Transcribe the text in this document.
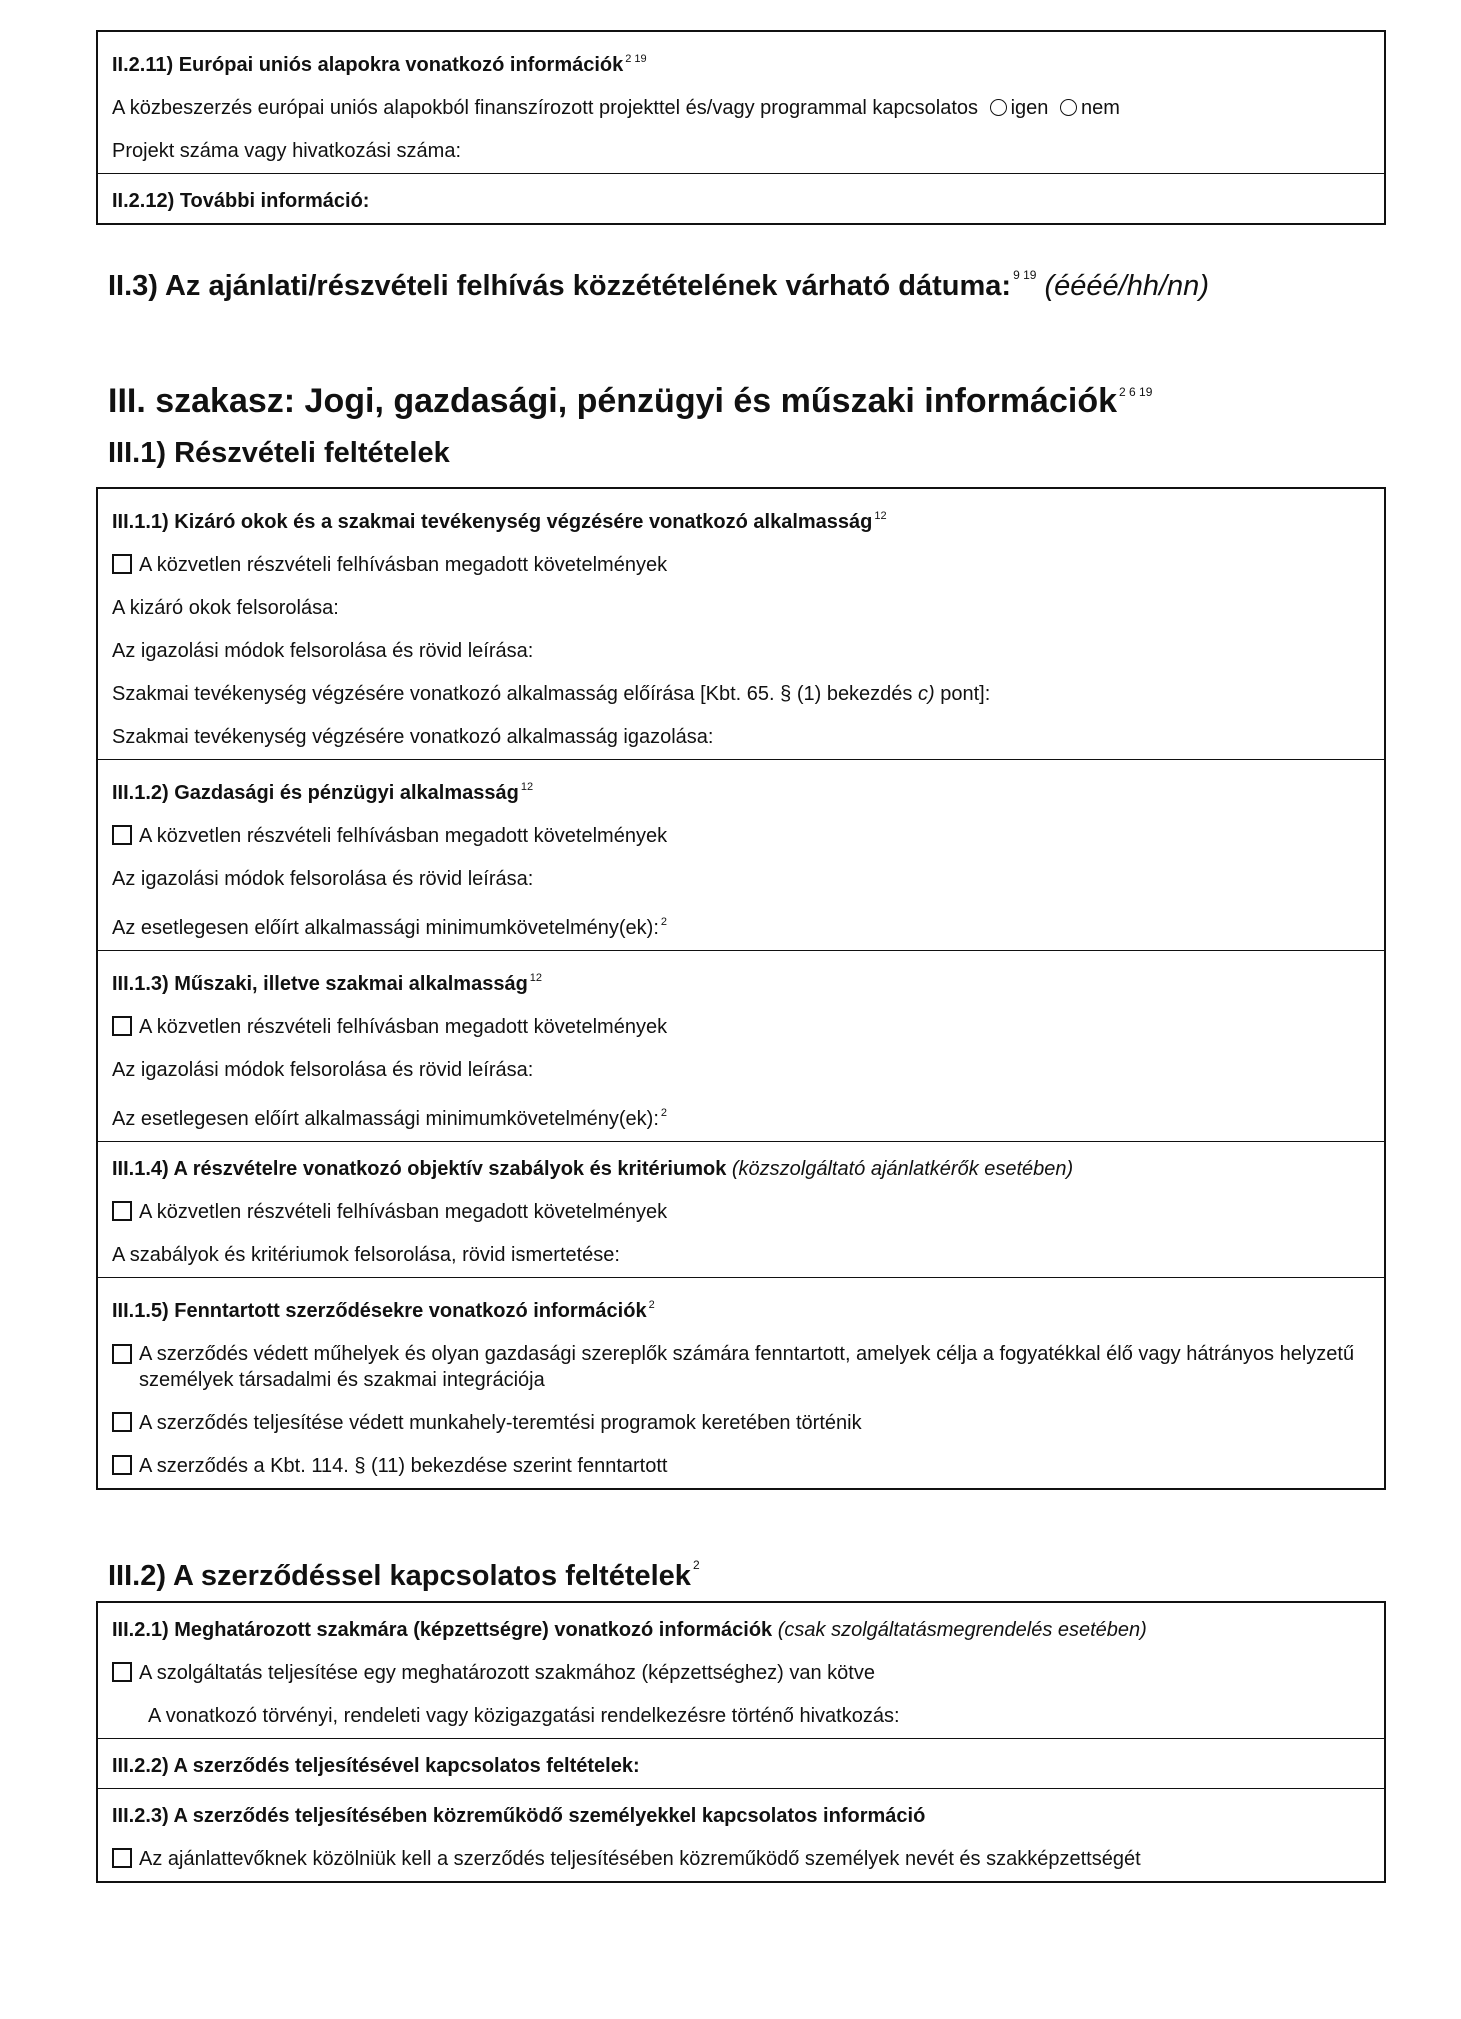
II.2.11) Európai uniós alapokra vonatkozó információk $^{2 19}$
A közbeszerzés európai uniós alapokból finanszírozott projekttel és/vagy programmal kapcsolatos igen nem
Projekt száma vagy hivatkozási száma:
II.2.12) További információ:
II.3) Az ajánlati/részvételi felhívás közzétételének várható dátuma: $^{9 19}$ (éééé/hh/nn)
III. szakasz: Jogi, gazdasági, pénzügyi és műszaki információk $^{2 6 19}$
III.1) Részvételi feltételek
III.1.1) Kizáró okok és a szakmai tevékenység végzésére vonatkozó alkalmasság $^{12}$
A közvetlen részvételi felhívásban megadott követelmények
A kizáró okok felsorolása:
Az igazolási módok felsorolása és rövid leírása:
Szakmai tevékenység végzésére vonatkozó alkalmasság előírása [Kbt. 65. § (1) bekezdés c) pont]:
Szakmai tevékenység végzésére vonatkozó alkalmasság igazolása:
III.1.2) Gazdasági és pénzügyi alkalmasság $^{12}$
A közvetlen részvételi felhívásban megadott követelmények
Az igazolási módok felsorolása és rövid leírása:
Az esetlegesen előírt alkalmassági minimumkövetelmény(ek): $^2$
III.1.3) Műszaki, illetve szakmai alkalmasság $^{12}$
A közvetlen részvételi felhívásban megadott követelmények
Az igazolási módok felsorolása és rövid leírása:
Az esetlegesen előírt alkalmassági minimumkövetelmény(ek): $^2$
III.1.4) A részvételre vonatkozó objektív szabályok és kritériumok (közszolgáltató ajánlatkérők esetében)
A közvetlen részvételi felhívásban megadott követelmények
A szabályok és kritériumok felsorolása, rövid ismertetése:
III.1.5) Fenntartott szerződésekre vonatkozó információk $^2$
A szerződés védett műhelyek és olyan gazdasági szereplők számára fenntartott, amelyek célja a fogyatékkal élő vagy hátrányos helyzetű személyek társadalmi és szakmai integrációja
A szerződés teljesítése védett munkahely-teremtési programok keretében történik
A szerződés a Kbt. 114. § (11) bekezdése szerint fenntartott
III.2) A szerződéssel kapcsolatos feltételek $^2$
III.2.1) Meghatározott szakmára (képzettségre) vonatkozó információk (csak szolgáltatásmegrendelés esetében)
A szolgáltatás teljesítése egy meghatározott szakmához (képzettséghez) van kötve
A vonatkozó törvényi, rendeleti vagy közigazgatási rendelkezésre történő hivatkozás:
III.2.2) A szerződés teljesítésével kapcsolatos feltételek:
III.2.3) A szerződés teljesítésében közreműködő személyekkel kapcsolatos információ
Az ajánlattevőknek közölniük kell a szerződés teljesítésében közreműködő személyek nevét és szakképzettségét
